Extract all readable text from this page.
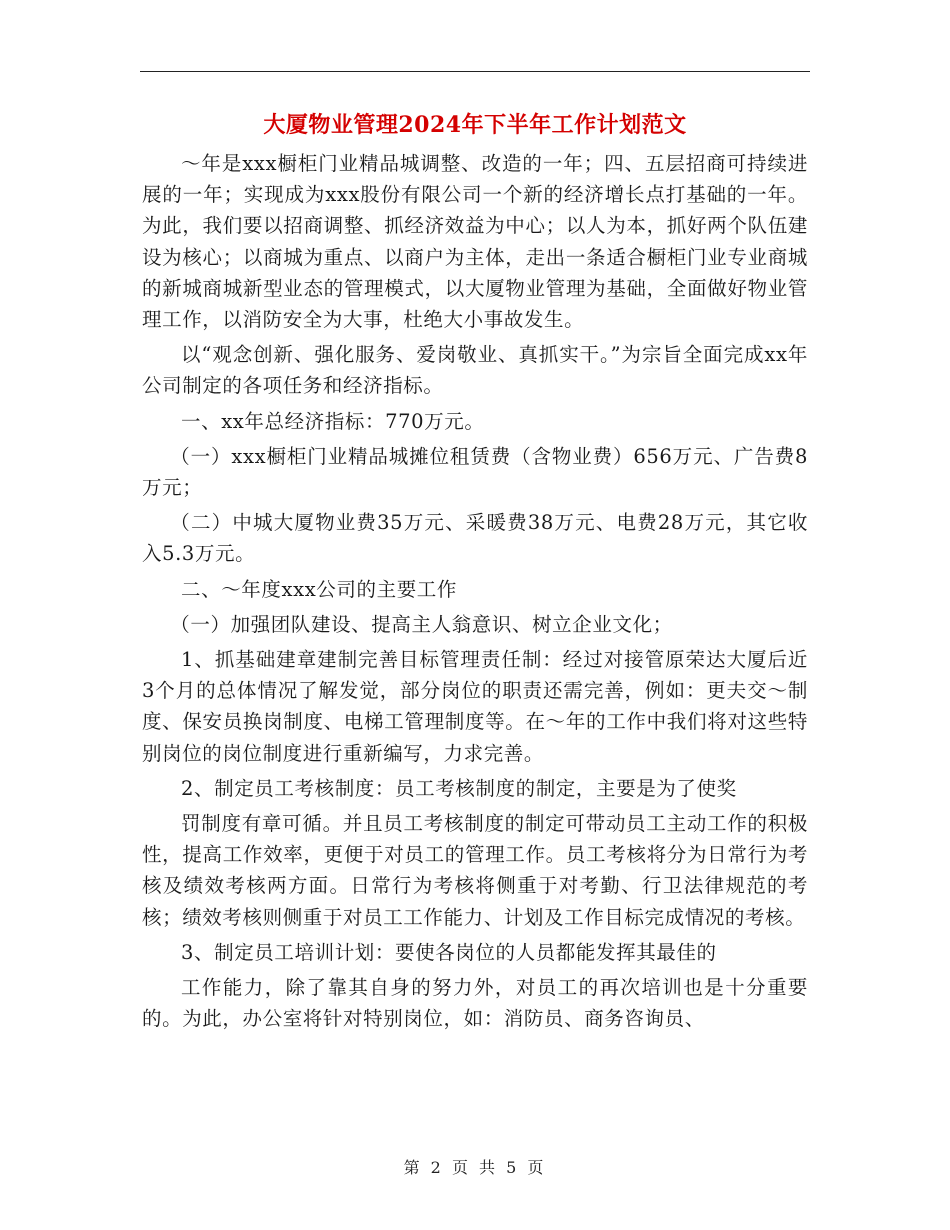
大厦物业管理2024年下半年工作计划范文

～年是xxx橱柜门业精品城调整、改造的一年；四、五层招商可持续进展的一年；实现成为xxx股份有限公司一个新的经济增长点打基础的一年。为此，我们要以招商调整、抓经济效益为中心；以人为本，抓好两个队伍建设为核心；以商城为重点、以商户为主体，走出一条适合橱柜门业专业商城的新城商城新型业态的管理模式，以大厦物业管理为基础，全面做好物业管理工作，以消防安全为大事，杜绝大小事故发生。

以“观念创新、强化服务、爱岗敬业、真抓实干。”为宗旨全面完成xx年公司制定的各项任务和经济指标。

一、xx年总经济指标：770万元。

（一）xxx橱柜门业精品城摊位租赁费（含物业费）656万元、广告费8万元；

（二）中城大厦物业费35万元、采暖费38万元、电费28万元，其它收入5.3万元。

二、～年度xxx公司的主要工作

（一）加强团队建设、提高主人翁意识、树立企业文化；

1、抓基础建章建制完善目标管理责任制：经过对接管原荣达大厦后近3个月的总体情况了解发觉，部分岗位的职责还需完善，例如：更夫交～制度、保安员换岗制度、电梯工管理制度等。在～年的工作中我们将对这些特别岗位的岗位制度进行重新编写，力求完善。

2、制定员工考核制度：员工考核制度的制定，主要是为了使奖

罚制度有章可循。并且员工考核制度的制定可带动员工主动工作的积极性，提高工作效率，更便于对员工的管理工作。员工考核将分为日常行为考核及绩效考核两方面。日常行为考核将侧重于对考勤、行卫法律规范的考核；绩效考核则侧重于对员工工作能力、计划及工作目标完成情况的考核。

3、制定员工培训计划：要使各岗位的人员都能发挥其最佳的

工作能力，除了靠其自身的努力外，对员工的再次培训也是十分重要的。为此，办公室将针对特别岗位，如：消防员、商务咨询员、

第 2 页 共 5 页
